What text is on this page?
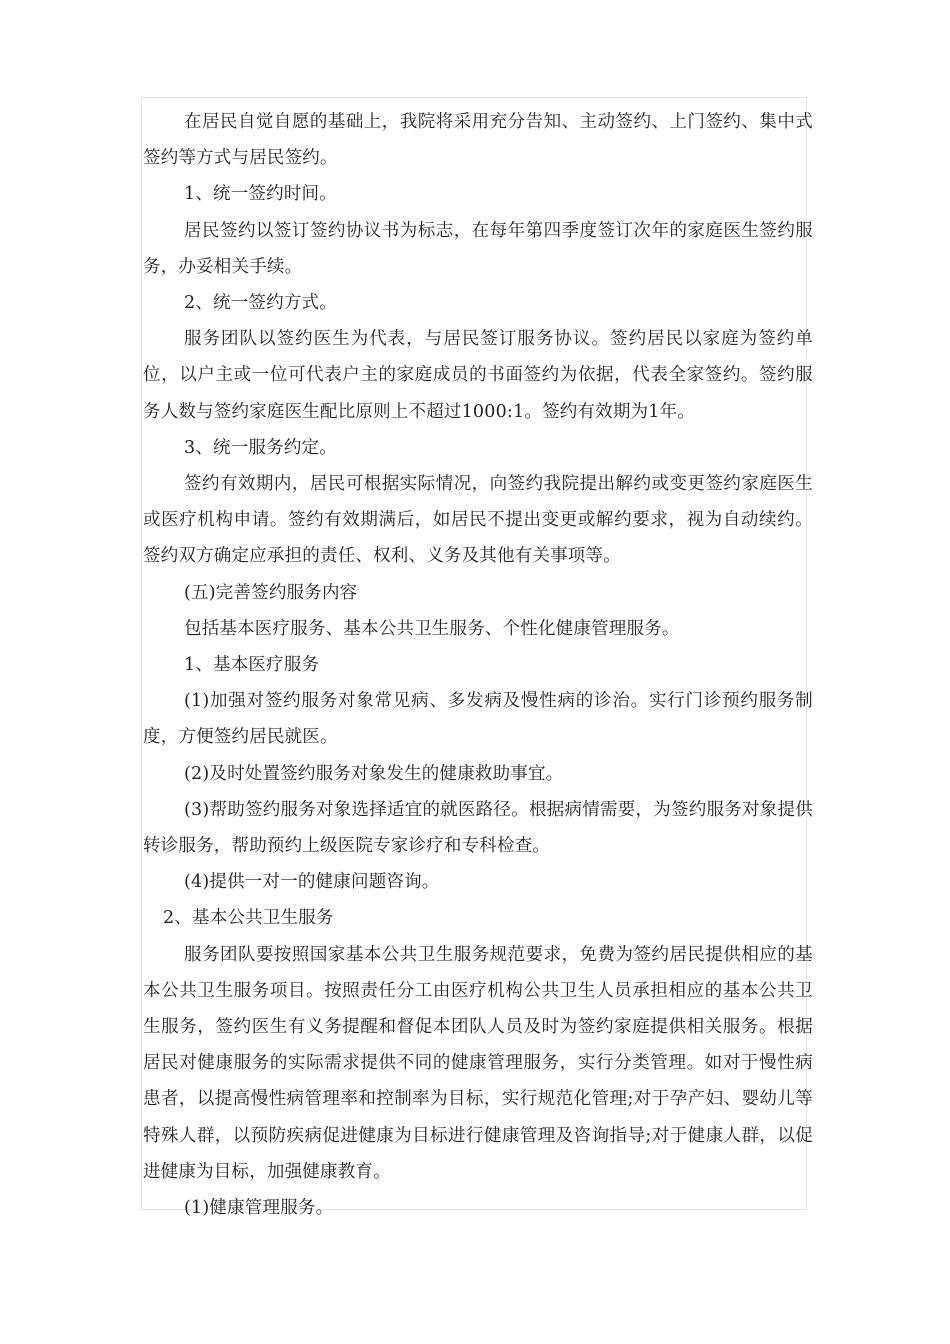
在居民自觉自愿的基础上，我院将采用充分告知、主动签约、上门签约、集中式签约等方式与居民签约。

1、统一签约时间。

居民签约以签订签约协议书为标志，在每年第四季度签订次年的家庭医生签约服务，办妥相关手续。

2、统一签约方式。

服务团队以签约医生为代表，与居民签订服务协议。签约居民以家庭为签约单位，以户主或一位可代表户主的家庭成员的书面签约为依据，代表全家签约。签约服务人数与签约家庭医生配比原则上不超过1000:1。签约有效期为1年。

3、统一服务约定。

签约有效期内，居民可根据实际情况，向签约我院提出解约或变更签约家庭医生或医疗机构申请。签约有效期满后，如居民不提出变更或解约要求，视为自动续约。签约双方确定应承担的责任、权利、义务及其他有关事项等。

(五)完善签约服务内容

包括基本医疗服务、基本公共卫生服务、个性化健康管理服务。

1、基本医疗服务

(1)加强对签约服务对象常见病、多发病及慢性病的诊治。实行门诊预约服务制度，方便签约居民就医。

(2)及时处置签约服务对象发生的健康救助事宜。

(3)帮助签约服务对象选择适宜的就医路径。根据病情需要，为签约服务对象提供转诊服务，帮助预约上级医院专家诊疗和专科检查。

(4)提供一对一的健康问题咨询。

2、基本公共卫生服务

服务团队要按照国家基本公共卫生服务规范要求，免费为签约居民提供相应的基本公共卫生服务项目。按照责任分工由医疗机构公共卫生人员承担相应的基本公共卫生服务，签约医生有义务提醒和督促本团队人员及时为签约家庭提供相关服务。根据居民对健康服务的实际需求提供不同的健康管理服务，实行分类管理。如对于慢性病患者，以提高慢性病管理率和控制率为目标，实行规范化管理;对于孕产妇、婴幼儿等特殊人群，以预防疾病促进健康为目标进行健康管理及咨询指导;对于健康人群，以促进健康为目标，加强健康教育。

(1)健康管理服务。
